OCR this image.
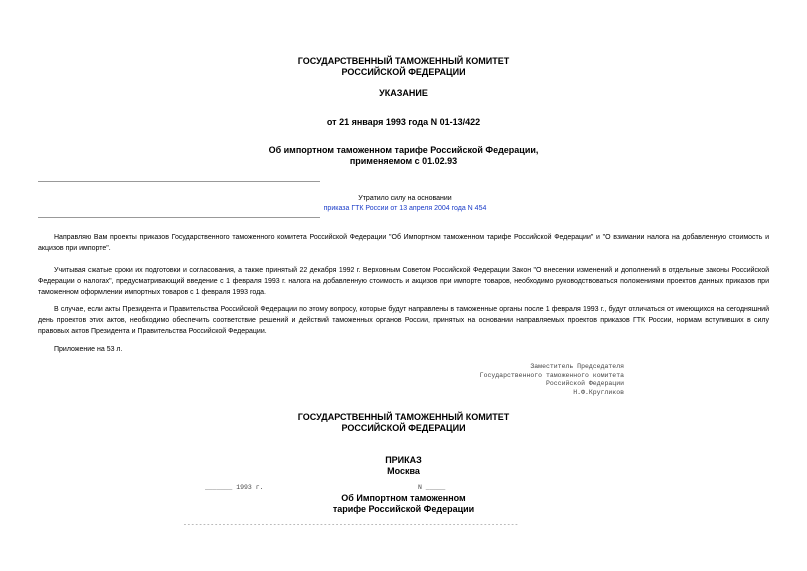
ГОСУДАРСТВЕННЫЙ ТАМОЖЕННЫЙ КОМИТЕТ
РОССИЙСКОЙ ФЕДЕРАЦИИ
УКАЗАНИЕ
от 21 января 1993 года N 01-13/422
Об импортном таможенном тарифе Российской Федерации,
применяемом с 01.02.93
Утратило силу на основании
приказа ГТК России от 13 апреля 2004 года N 454
Направляю Вам проекты приказов Государственного таможенного комитета Российской Федерации "Об Импортном таможенном тарифе Российской Федерации" и "О взимании налога на добавленную стоимость и акцизов при импорте".
Учитывая сжатые сроки их подготовки и согласования, а также принятый 22 декабря 1992 г. Верховным Советом Российской Федерации Закон "О внесении изменений и дополнений в отдельные законы Российской Федерации о налогах", предусматривающий введение с 1 февраля 1993 г. налога на добавленную стоимость и акцизов при импорте товаров, необходимо руководствоваться положениями проектов данных приказов при таможенном оформлении импортных товаров с 1 февраля 1993 года.
В случае, если акты Президента и Правительства Российской Федерации по этому вопросу, которые будут направлены в таможенные органы после 1 февраля 1993 г., будут отличаться от имеющихся на сегодняшний день проектов этих актов, необходимо обеспечить соответствие решений и действий таможенных органов России, принятых на основании направляемых проектов приказов ГТК России, нормам вступивших в силу правовых актов Президента и Правительства Российской Федерации.
Приложение на 53 л.
Заместитель Председателя
Государственного таможенного комитета
Российской Федерации
Н.Ф.Кругликов
ГОСУДАРСТВЕННЫЙ ТАМОЖЕННЫЙ КОМИТЕТ
РОССИЙСКОЙ ФЕДЕРАЦИИ
ПРИКАЗ
Москва
_______ 1993 г.	N _____
Об Импортном таможенном
тарифе Российской Федерации
--------------------------------------------------------------------------------------
